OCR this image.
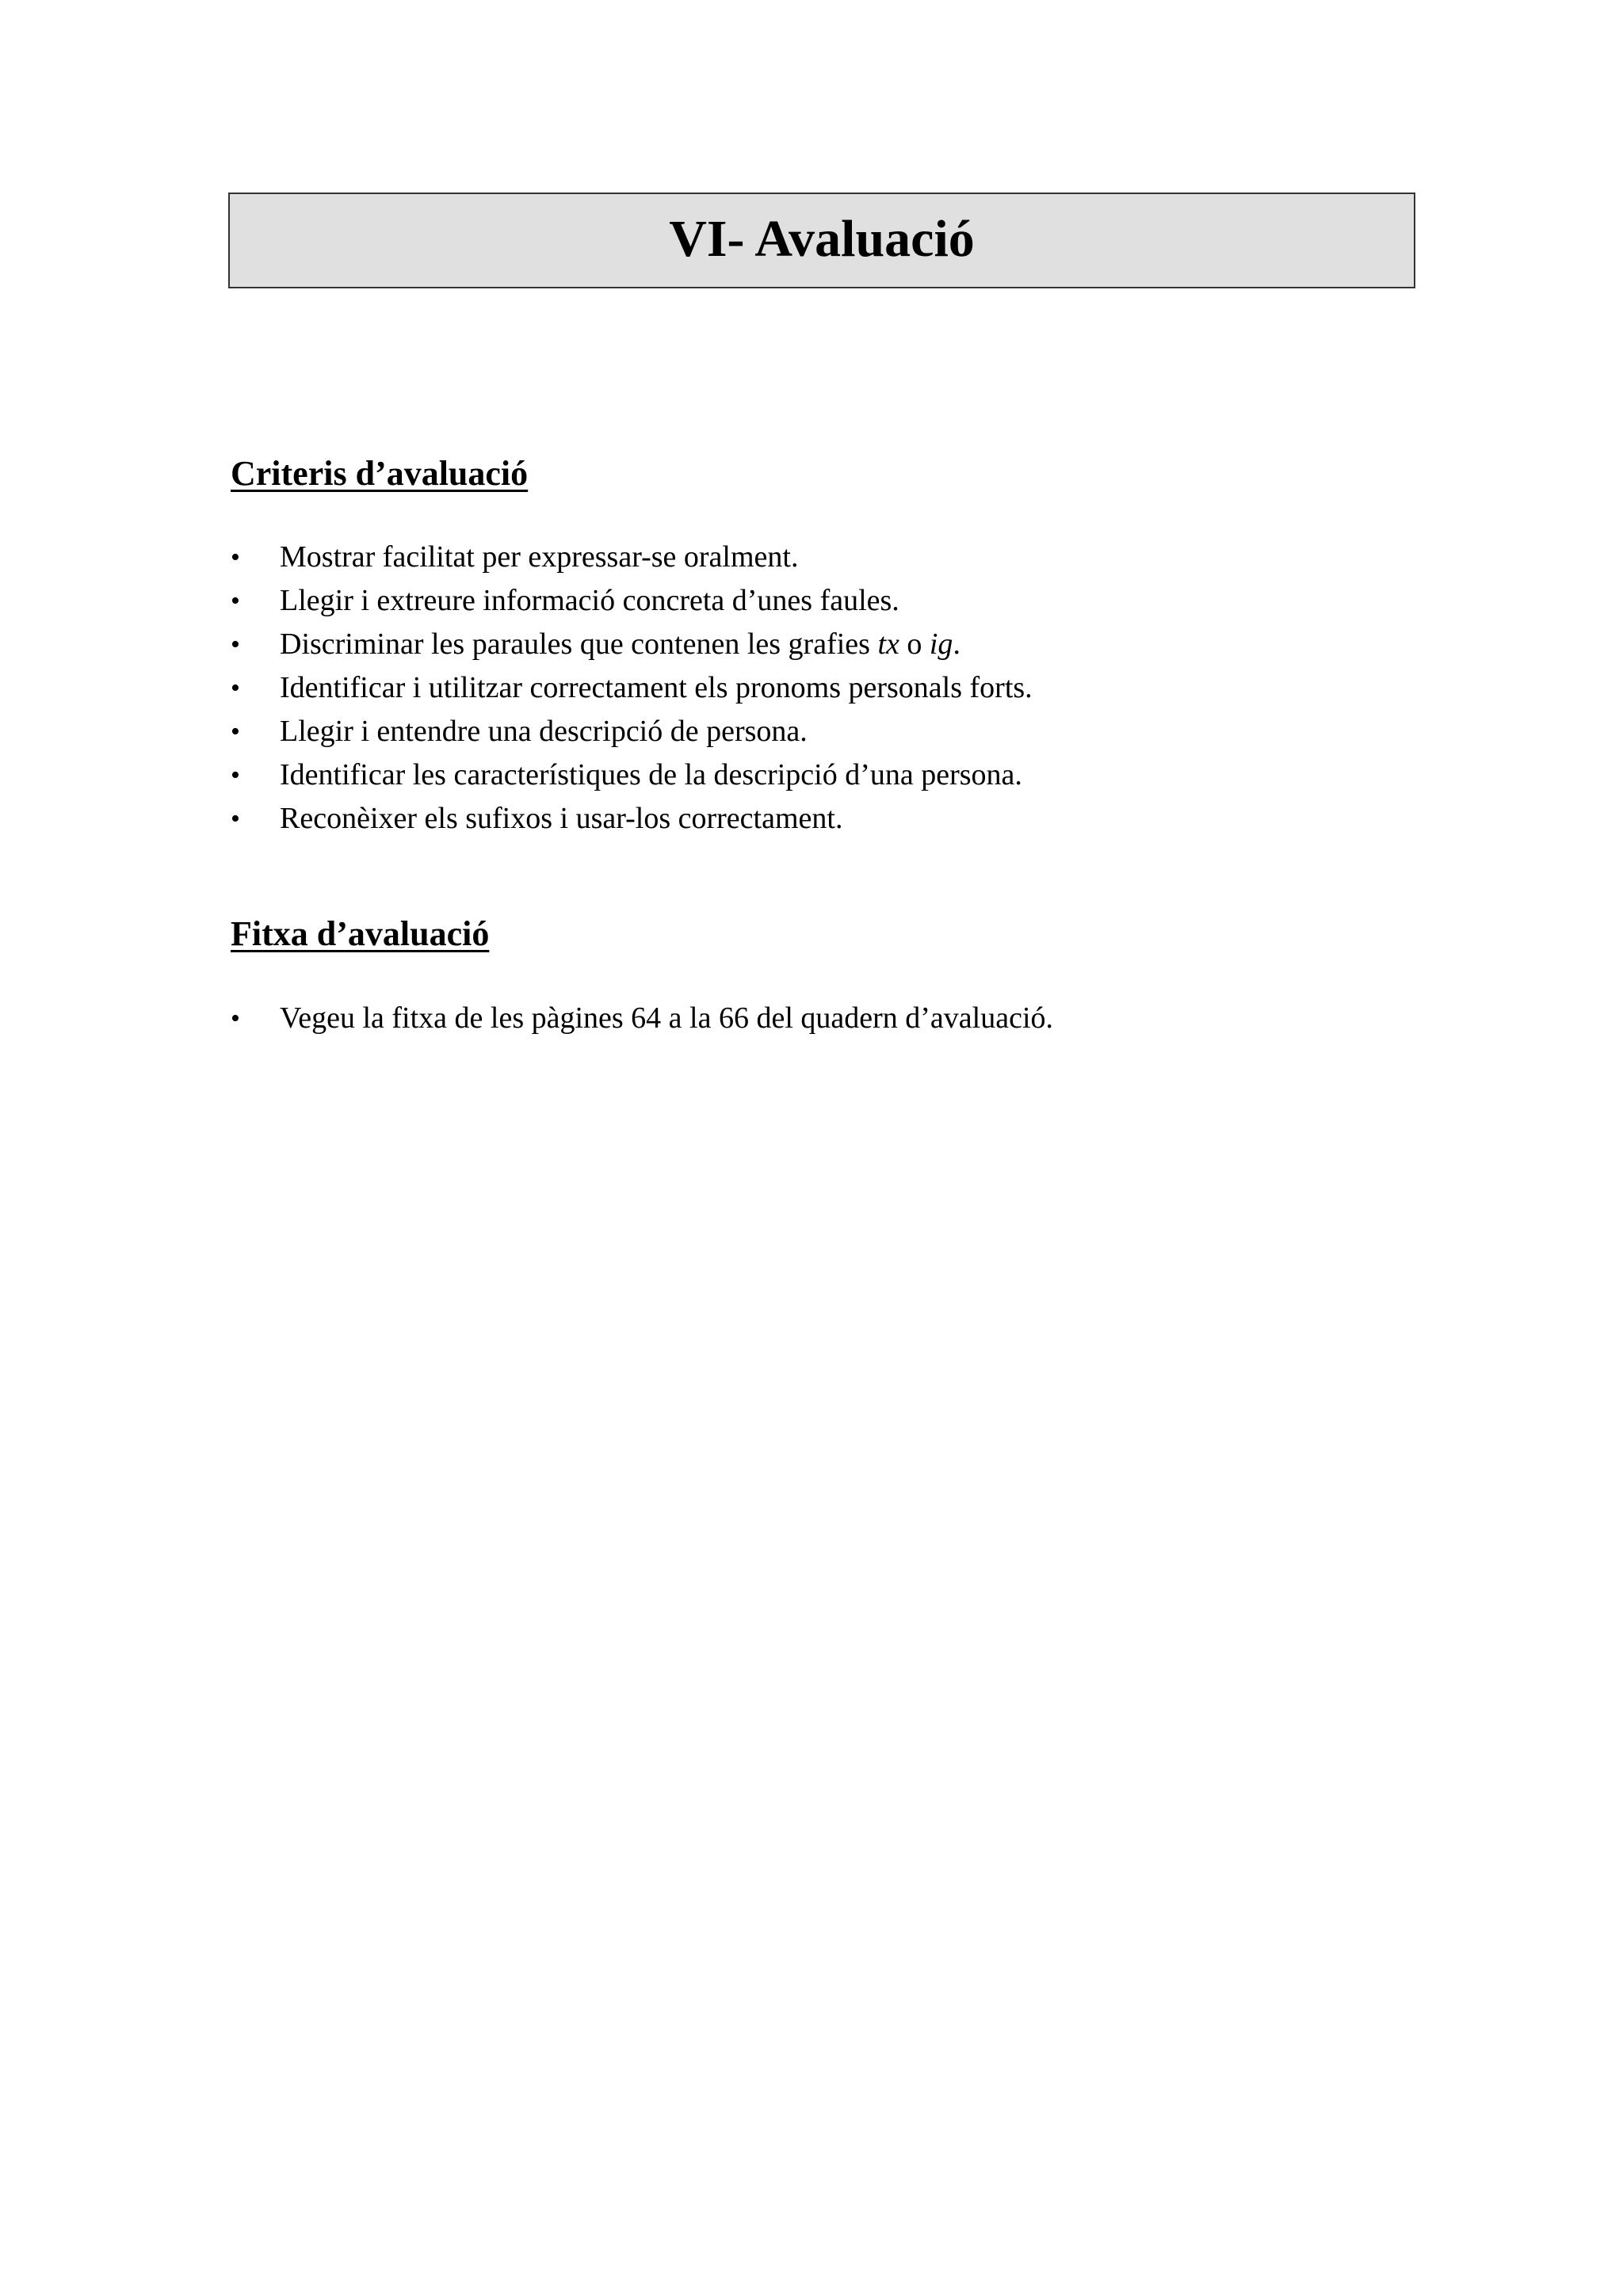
VI- Avaluació
Criteris d’avaluació
• Mostrar facilitat per expressar-se oralment.
• Llegir i extreure informació concreta d’unes faules.
• Discriminar les paraules que contenen les grafies tx o ig.
• Identificar i utilitzar correctament els pronoms personals forts.
• Llegir i entendre una descripció de persona.
• Identificar les característiques de la descripció d’una persona.
• Reconèixer els sufixos i usar-los correctament.
Fitxa d’avaluació
• Vegeu la fitxa de les pàgines 64 a la 66 del quadern d’avaluació.
